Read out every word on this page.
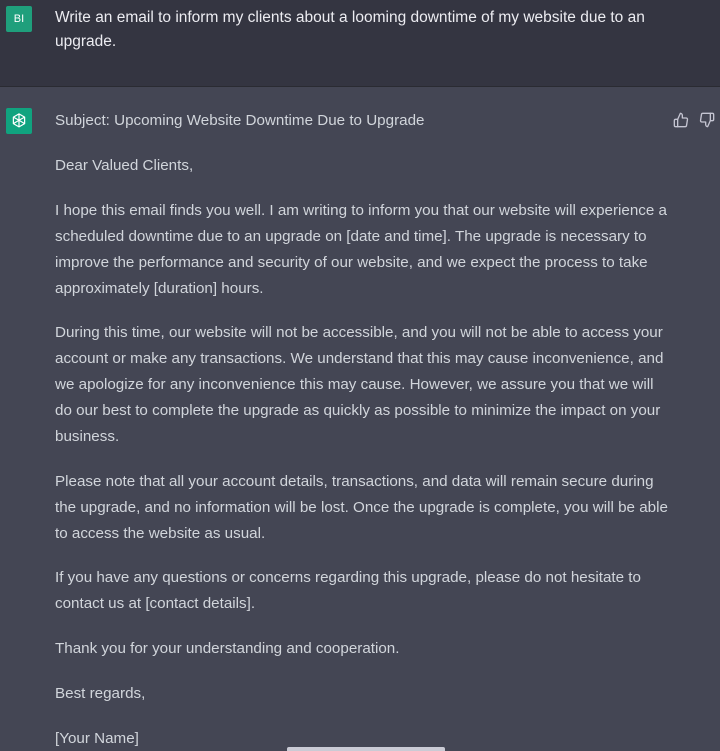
BI	Write an email to inform my clients about a looming downtime of my website due to an upgrade.

Subject: Upcoming Website Downtime Due to Upgrade

Dear Valued Clients,

I hope this email finds you well. I am writing to inform you that our website will experience a scheduled downtime due to an upgrade on [date and time]. The upgrade is necessary to improve the performance and security of our website, and we expect the process to take approximately [duration] hours.

During this time, our website will not be accessible, and you will not be able to access your account or make any transactions. We understand that this may cause inconvenience, and we apologize for any inconvenience this may cause. However, we assure you that we will do our best to complete the upgrade as quickly as possible to minimize the impact on your business.

Please note that all your account details, transactions, and data will remain secure during the upgrade, and no information will be lost. Once the upgrade is complete, you will be able to access the website as usual.

If you have any questions or concerns regarding this upgrade, please do not hesitate to contact us at [contact details].

Thank you for your understanding and cooperation.

Best regards,

[Your Name]
